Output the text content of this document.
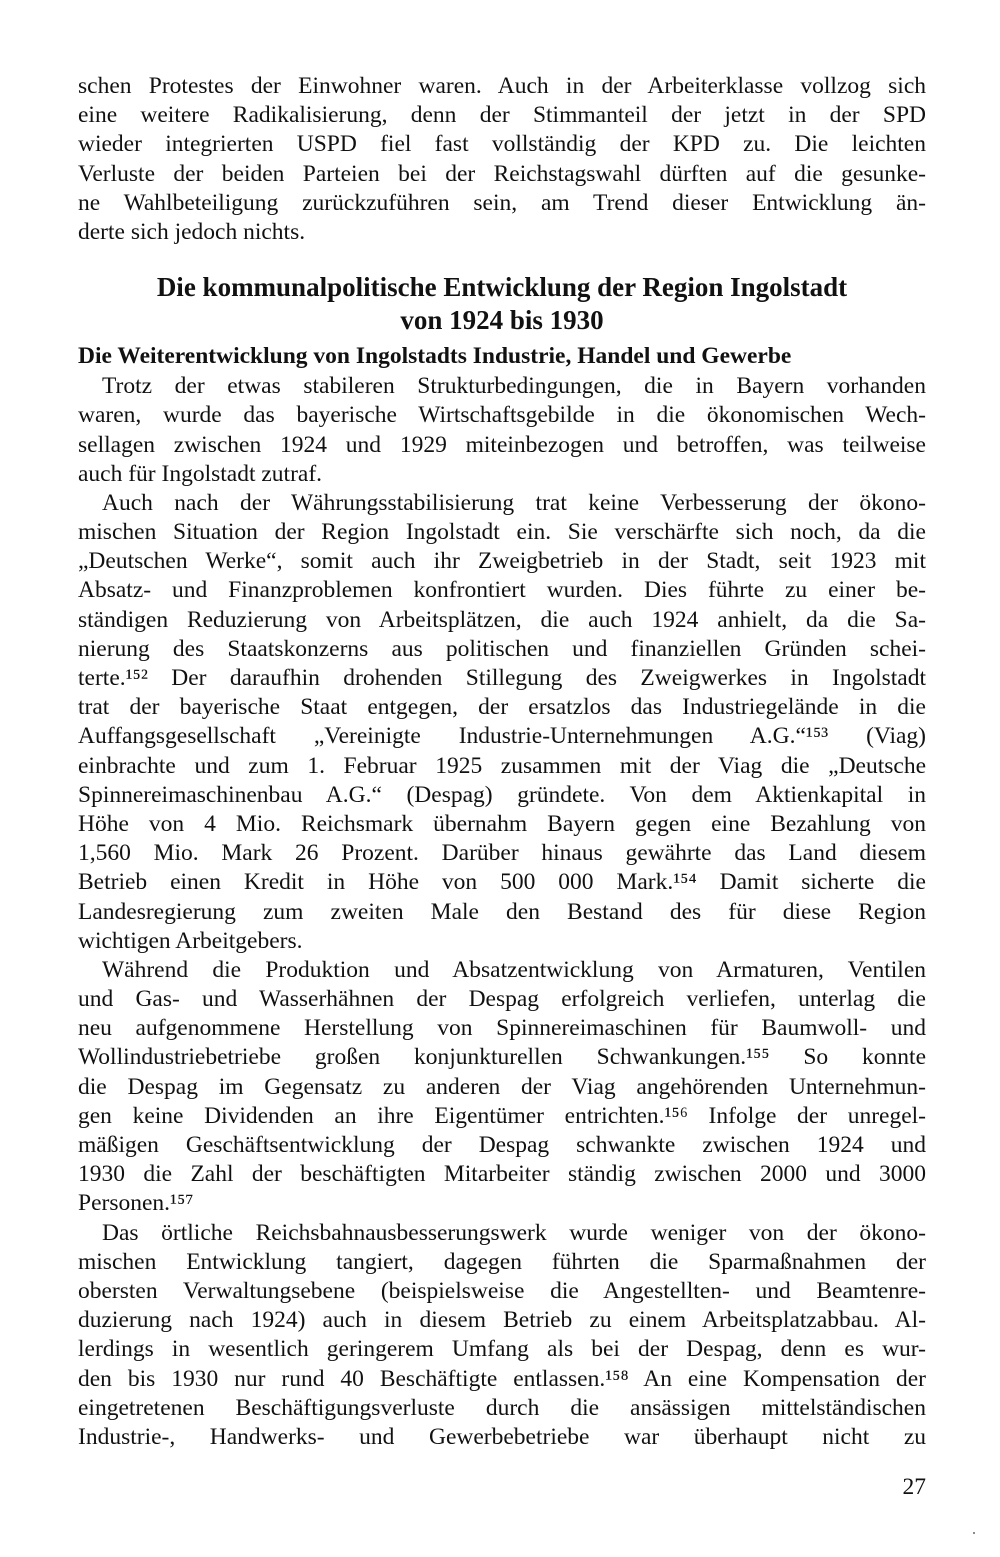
schen Protestes der Einwohner waren. Auch in der Arbeiterklasse vollzog sich
eine weitere Radikalisierung, denn der Stimmanteil der jetzt in der SPD
wieder integrierten USPD fiel fast vollständig der KPD zu. Die leichten
Verluste der beiden Parteien bei der Reichstagswahl dürften auf die gesunke-
ne Wahlbeteiligung zurückzuführen sein, am Trend dieser Entwicklung än-
derte sich jedoch nichts.
Die kommunalpolitische Entwicklung der Region Ingolstadt
von 1924 bis 1930
Die Weiterentwicklung von Ingolstadts Industrie, Handel und Gewerbe
Trotz der etwas stabileren Strukturbedingungen, die in Bayern vorhanden
waren, wurde das bayerische Wirtschaftsgebilde in die ökonomischen Wech-
sellagen zwischen 1924 und 1929 miteinbezogen und betroffen, was teilweise
auch für Ingolstadt zutraf.
Auch nach der Währungsstabilisierung trat keine Verbesserung der ökono-
mischen Situation der Region Ingolstadt ein. Sie verschärfte sich noch, da die
„Deutschen Werke“, somit auch ihr Zweigbetrieb in der Stadt, seit 1923 mit
Absatz- und Finanzproblemen konfrontiert wurden. Dies führte zu einer be-
ständigen Reduzierung von Arbeitsplätzen, die auch 1924 anhielt, da die Sa-
nierung des Staatskonzerns aus politischen und finanziellen Gründen schei-
terte.¹⁵² Der daraufhin drohenden Stillegung des Zweigwerkes in Ingolstadt
trat der bayerische Staat entgegen, der ersatzlos das Industriegelände in die
Auffangsgesellschaft „Vereinigte Industrie-Unternehmungen A.G.“¹⁵³ (Viag)
einbrachte und zum 1. Februar 1925 zusammen mit der Viag die „Deutsche
Spinnereimaschinenbau A.G.“ (Despag) gründete. Von dem Aktienkapital in
Höhe von 4 Mio. Reichsmark übernahm Bayern gegen eine Bezahlung von
1,560 Mio. Mark 26 Prozent. Darüber hinaus gewährte das Land diesem
Betrieb einen Kredit in Höhe von 500 000 Mark.¹⁵⁴ Damit sicherte die
Landesregierung zum zweiten Male den Bestand des für diese Region
wichtigen Arbeitgebers.
Während die Produktion und Absatzentwicklung von Armaturen, Ventilen
und Gas- und Wasserhähnen der Despag erfolgreich verliefen, unterlag die
neu aufgenommene Herstellung von Spinnereimaschinen für Baumwoll- und
Wollindustriebetriebe großen konjunkturellen Schwankungen.¹⁵⁵ So konnte
die Despag im Gegensatz zu anderen der Viag angehörenden Unternehmun-
gen keine Dividenden an ihre Eigentümer entrichten.¹⁵⁶ Infolge der unregel-
mäßigen Geschäftsentwicklung der Despag schwankte zwischen 1924 und
1930 die Zahl der beschäftigten Mitarbeiter ständig zwischen 2000 und 3000
Personen.¹⁵⁷
Das örtliche Reichsbahnausbesserungswerk wurde weniger von der ökono-
mischen Entwicklung tangiert, dagegen führten die Sparmaßnahmen der
obersten Verwaltungsebene (beispielsweise die Angestellten- und Beamtenre-
duzierung nach 1924) auch in diesem Betrieb zu einem Arbeitsplatzabbau. Al-
lerdings in wesentlich geringerem Umfang als bei der Despag, denn es wur-
den bis 1930 nur rund 40 Beschäftigte entlassen.¹⁵⁸ An eine Kompensation der
eingetretenen Beschäftigungsverluste durch die ansässigen mittelständischen
Industrie-, Handwerks- und Gewerbebetriebe war überhaupt nicht zu
27
